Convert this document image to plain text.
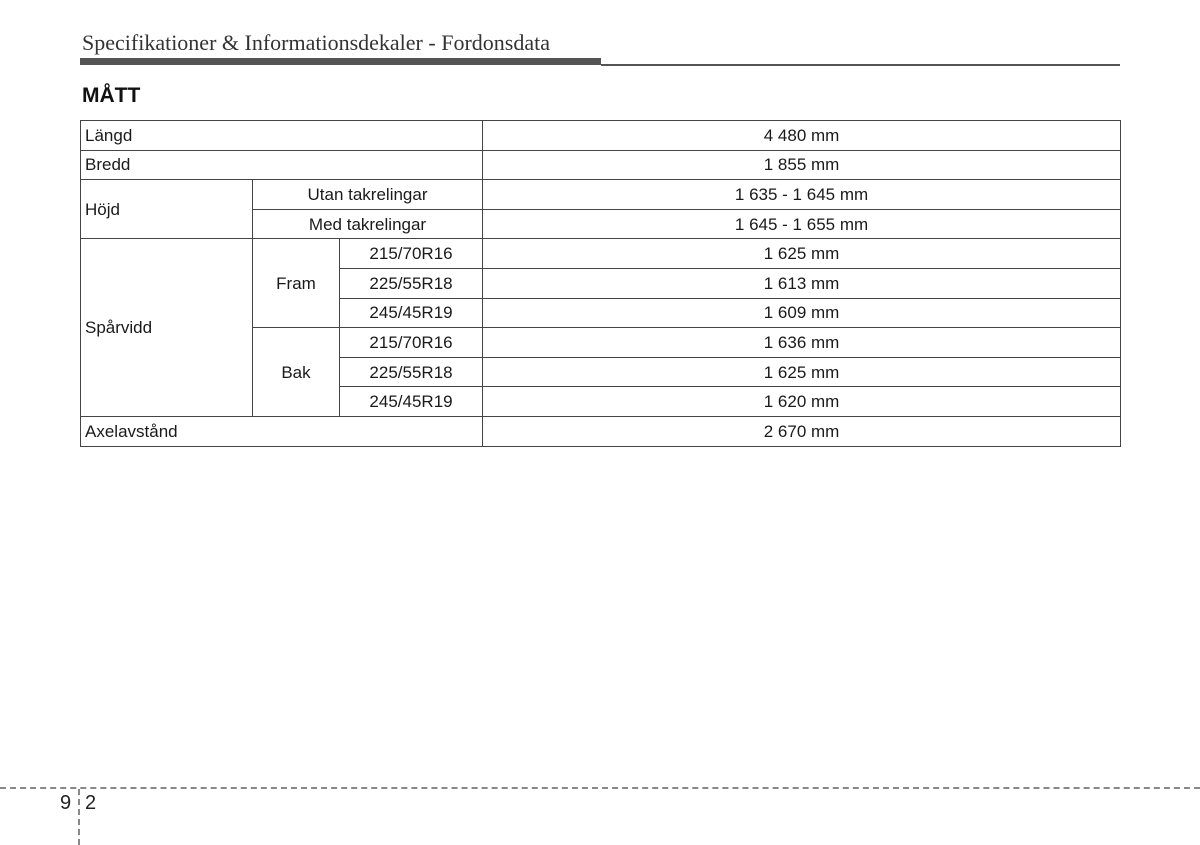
Specifikationer & Informationsdekaler - Fordonsdata
MÅTT
Längd			4 480 mm
Bredd			1 855 mm
Höjd	Utan takrelingar		1 635 - 1 645 mm
	Med takrelingar		1 645 - 1 655 mm
Spårvidd	Fram	215/70R16	1 625 mm
		225/55R18	1 613 mm
		245/45R19	1 609 mm
	Bak	215/70R16	1 636 mm
		225/55R18	1 625 mm
		245/45R19	1 620 mm
Axelavstånd			2 670 mm
9 2
